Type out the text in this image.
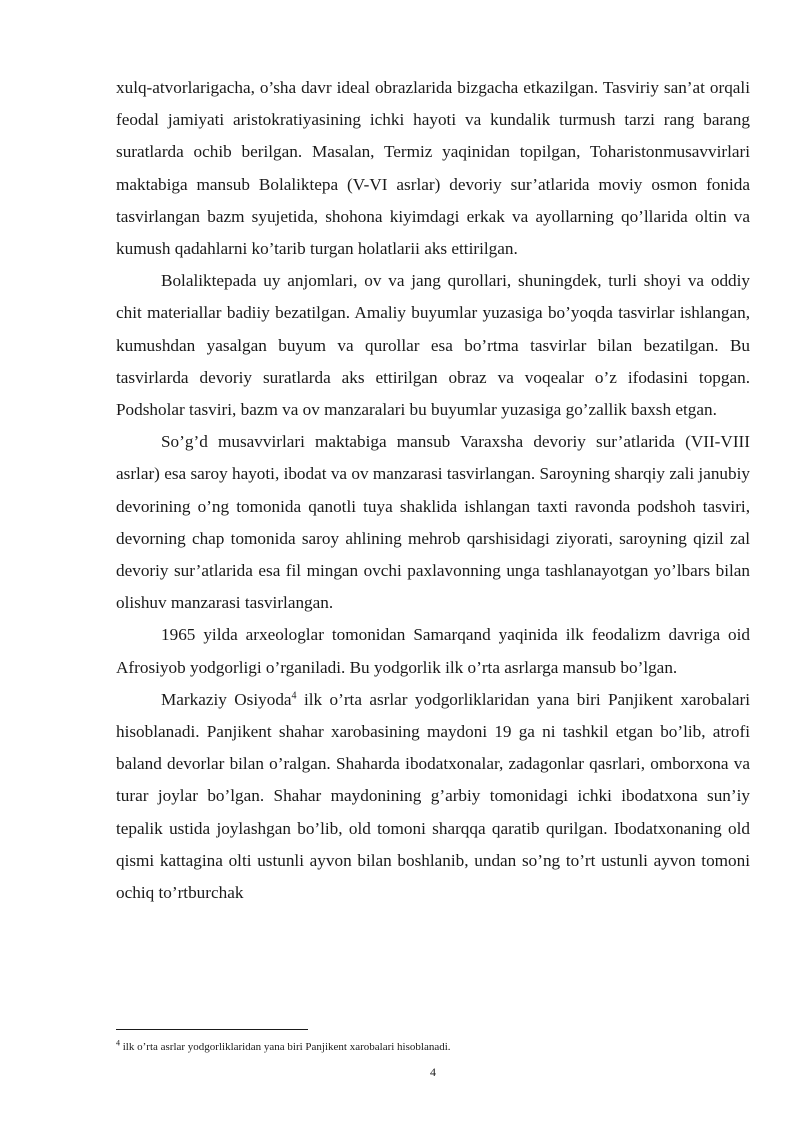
xulq-atvorlarigacha, o’sha davr ideal obrazlarida bizgacha etkazilgan. Tasviriy san’at orqali feodal jamiyati aristokratiyasining ichki hayoti va kundalik turmush tarzi rang barang suratlarda ochib berilgan. Masalan, Termiz yaqinidan topilgan, Toharistonmusavvirlari maktabiga mansub Bolaliktepa (V-VI asrlar) devoriy sur’atlarida moviy osmon fonida tasvirlangan bazm syujetida, shohona kiyimdagi erkak va ayollarning qo’llarida oltin va kumush qadahlarni ko’tarib turgan holatlarii aks ettirilgan.

Bolaliktepada uy anjomlari, ov va jang qurollari, shuningdek, turli shoyi va oddiy chit materiallar badiiy bezatilgan. Amaliy buyumlar yuzasiga bo’yoqda tasvirlar ishlangan, kumushdan yasalgan buyum va qurollar esa bo’rtma tasvirlar bilan bezatilgan. Bu tasvirlarda devoriy suratlarda aks ettirilgan obraz va voqealar o’z ifodasini topgan. Podsholar tasviri, bazm va ov manzaralari bu buyumlar yuzasiga go’zallik baxsh etgan.

So’g’d musavvirlari maktabiga mansub Varaxsha devoriy sur’atlarida (VII-VIII asrlar) esa saroy hayoti, ibodat va ov manzarasi tasvirlangan. Saroyning sharqiy zali janubiy devorining o’ng tomonida qanotli tuya shaklida ishlangan taxti ravonda podshoh tasviri, devorning chap tomonida saroy ahlining mehrob qarshisidagi ziyorati, saroyning qizil zal devoriy sur’atlarida esa fil mingan ovchi paxlavonning unga tashlanayotgan yo’lbars bilan olishuv manzarasi tasvirlangan.

1965 yilda arxeologlar tomonidan Samarqand yaqinida ilk feodalizm davriga oid Afrosiyob yodgorligi o’rganiladi. Bu yodgorlik ilk o’rta asrlarga mansub bo’lgan.

Markaziy Osiyoda$^4$ ilk o’rta asrlar yodgorliklaridan yana biri Panjikent xarobalari hisoblanadi. Panjikent shahar xarobasining maydoni 19 ga ni tashkil etgan bo’lib, atrofi baland devorlar bilan o’ralgan. Shaharda ibodatxonalar, zadagonlar qasrlari, omborxona va turar joylar bo’lgan. Shahar maydonining g’arbiy tomonidagi ichki ibodatxona sun’iy tepalik ustida joylashgan bo’lib, old tomoni sharqqa qaratib qurilgan. Ibodatxonaning old qismi kattagina olti ustunli ayvon bilan boshlanib, undan so’ng to’rt ustunli ayvon tomoni ochiq to’rtburchak

$^4$ ilk o’rta asrlar yodgorliklaridan yana biri Panjikent xarobalari hisoblanadi.
4
